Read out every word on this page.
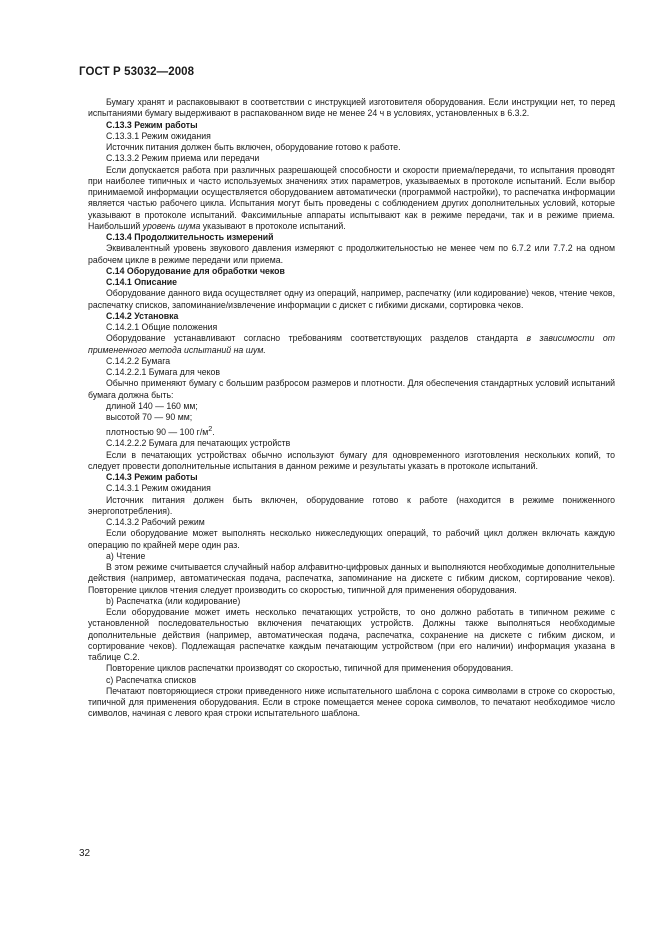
ГОСТ Р 53032—2008

Бумагу хранят и распаковывают в соответствии с инструкцией изготовителя оборудования. Если инструкции нет, то перед испытаниями бумагу выдерживают в распакованном виде не менее 24 ч в условиях, установленных в 6.3.2.

С.13.3 Режим работы

С.13.3.1 Режим ожидания

Источник питания должен быть включен, оборудование готово к работе.

С.13.3.2 Режим приема или передачи

Если допускается работа при различных разрешающей способности и скорости приема/передачи, то испытания проводят при наиболее типичных и часто используемых значениях этих параметров, указываемых в протоколе испытаний. Если выбор принимаемой информации осуществляется оборудованием автоматически (программой настройки), то распечатка информации является частью рабочего цикла. Испытания могут быть проведены с соблюдением других дополнительных условий, которые указывают в протоколе испытаний. Факсимильные аппараты испытывают как в режиме передачи, так и в режиме приема. Наибольший уровень шума указывают в протоколе испытаний.

С.13.4 Продолжительность измерений

Эквивалентный уровень звукового давления измеряют с продолжительностью не менее чем по 6.7.2 или 7.7.2 на одном рабочем цикле в режиме передачи или приема.

С.14 Оборудование для обработки чеков

С.14.1 Описание

Оборудование данного вида осуществляет одну из операций, например, распечатку (или кодирование) чеков, чтение чеков, распечатку списков, запоминание/извлечение информации с дискет с гибкими дисками, сортировка чеков.

С.14.2 Установка

С.14.2.1 Общие положения

Оборудование устанавливают согласно требованиям соответствующих разделов стандарта в зависимости от примененного метода испытаний на шум.

С.14.2.2 Бумага

С.14.2.2.1 Бумага для чеков

Обычно применяют бумагу с большим разбросом размеров и плотности. Для обеспечения стандартных условий испытаний бумага должна быть:

длиной 140 — 160 мм;

высотой 70 — 90 мм;

плотностью 90 — 100 $г/м^2$.

С.14.2.2.2 Бумага для печатающих устройств

Если в печатающих устройствах обычно используют бумагу для одновременного изготовления нескольких копий, то следует провести дополнительные испытания в данном режиме и результаты указать в протоколе испытаний.

С.14.3 Режим работы

С.14.3.1 Режим ожидания

Источник питания должен быть включен, оборудование готово к работе (находится в режиме пониженного энергопотребления).

С.14.3.2 Рабочий режим

Если оборудование может выполнять несколько нижеследующих операций, то рабочий цикл должен включать каждую операцию по крайней мере один раз.

а) Чтение

В этом режиме считывается случайный набор алфавитно-цифровых данных и выполняются необходимые дополнительные действия (например, автоматическая подача, распечатка, запоминание на дискете с гибким диском, сортирование чеков). Повторение циклов чтения следует производить со скоростью, типичной для применения оборудования.

b) Распечатка (или кодирование)

Если оборудование может иметь несколько печатающих устройств, то оно должно работать в типичном режиме с установленной последовательностью включения печатающих устройств. Должны также выполняться необходимые дополнительные действия (например, автоматическая подача, распечатка, сохранение на дискете с гибким диском, и сортирование чеков). Подлежащая распечатке каждым печатающим устройством (при его наличии) информация указана в таблице С.2.

Повторение циклов распечатки производят со скоростью, типичной для применения оборудования.

с) Распечатка списков

Печатают повторяющиеся строки приведенного ниже испытательного шаблона с сорока символами в строке со скоростью, типичной для применения оборудования. Если в строке помещается менее сорока символов, то печатают необходимое число символов, начиная с левого края строки испытательного шаблона.

32
